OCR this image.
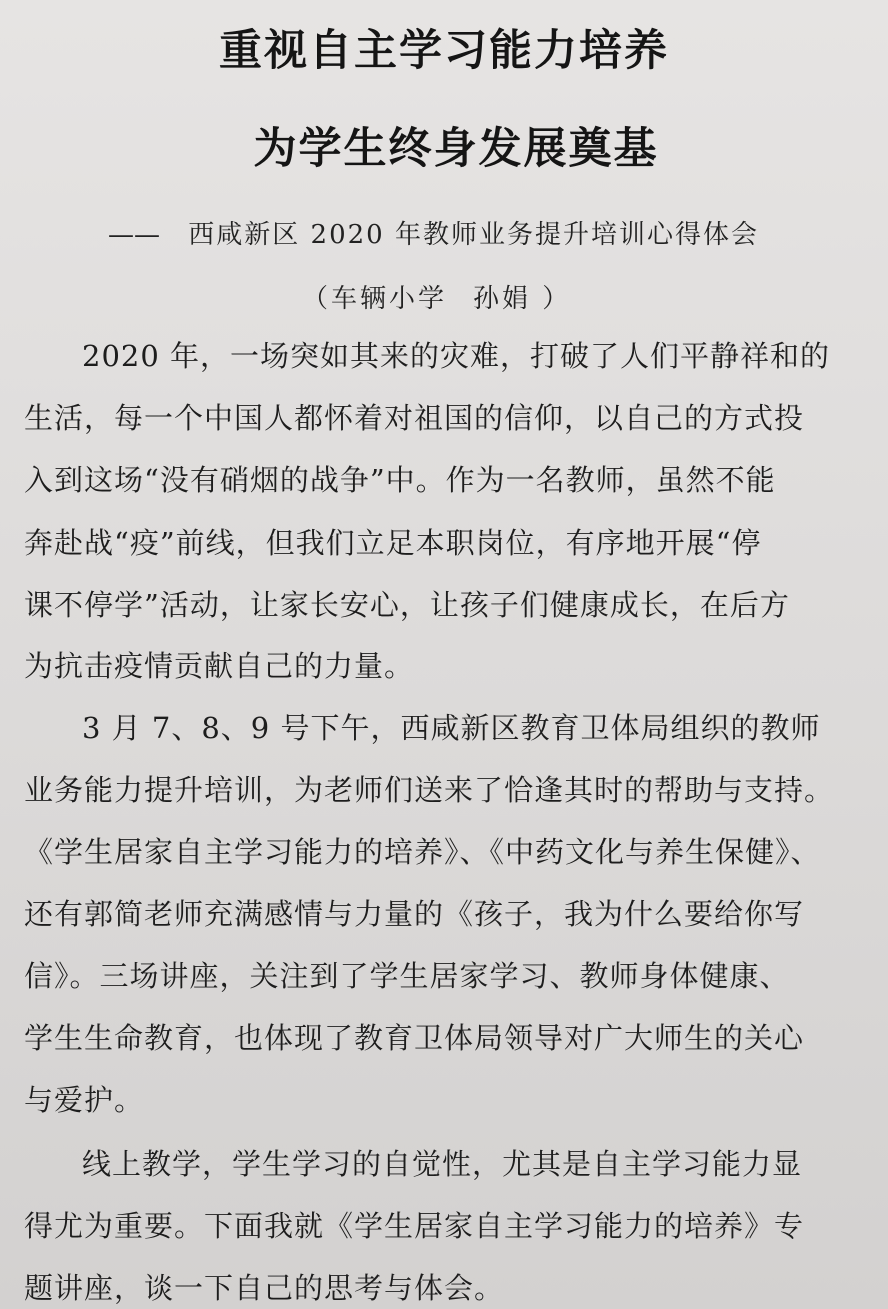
重视自主学习能力培养
为学生终身发展奠基
—— 西咸新区 2020 年教师业务提升培训心得体会
（车辆小学 孙娟 ）
2020 年，一场突如其来的灾难，打破了人们平静祥和的
生活，每一个中国人都怀着对祖国的信仰，以自己的方式投
入到这场“没有硝烟的战争”中。作为一名教师，虽然不能
奔赴战“疫”前线，但我们立足本职岗位，有序地开展“停
课不停学”活动，让家长安心，让孩子们健康成长，在后方
为抗击疫情贡献自己的力量。
3 月 7、8、9 号下午，西咸新区教育卫体局组织的教师
业务能力提升培训，为老师们送来了恰逢其时的帮助与支持。
《学生居家自主学习能力的培养》、《中药文化与养生保健》、
还有郭简老师充满感情与力量的《孩子，我为什么要给你写
信》。三场讲座，关注到了学生居家学习、教师身体健康、
学生生命教育，也体现了教育卫体局领导对广大师生的关心
与爱护。
线上教学，学生学习的自觉性，尤其是自主学习能力显
得尤为重要。下面我就《学生居家自主学习能力的培养》专
题讲座，谈一下自己的思考与体会。
